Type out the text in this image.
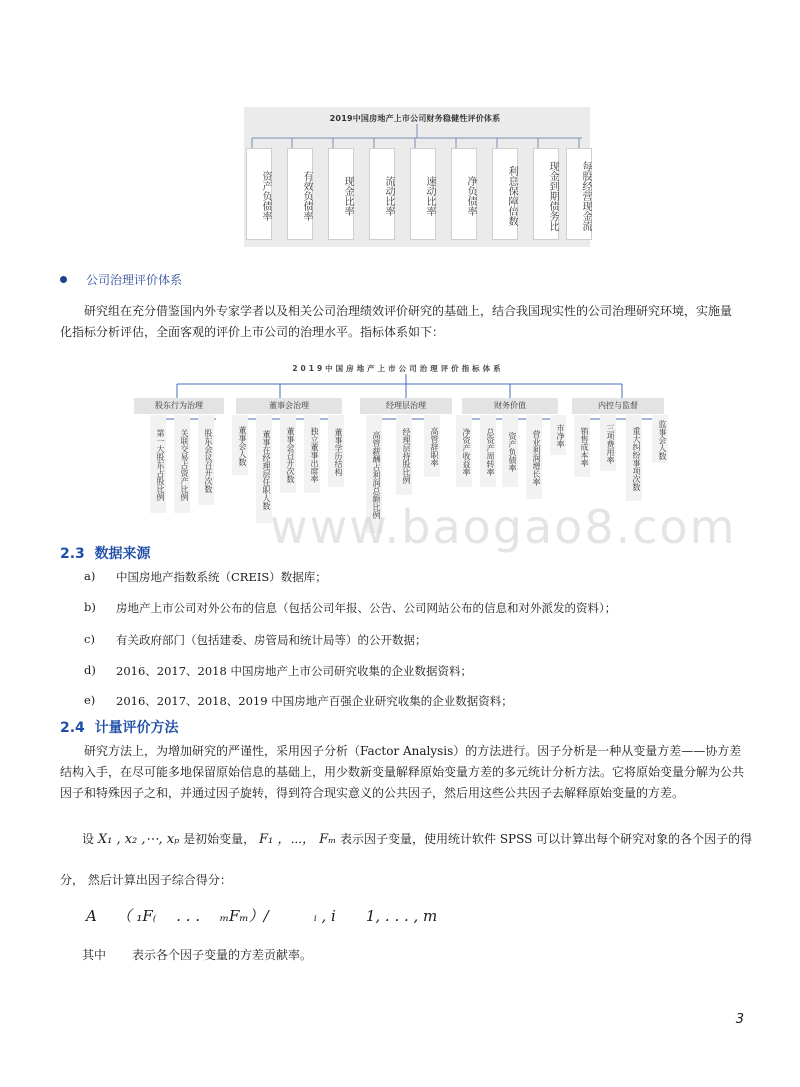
2019中国房地产上市公司财务稳健性评价体系
资产负债率	有效负债率	现金比率	流动比率	速动比率	净负债率	利息保障倍数	现金到期债务比	每股经营现金流
公司治理评价体系
研究组在充分借鉴国内外专家学者以及相关公司治理绩效评价研究的基础上，结合我国现实性的公司治理研究环境，实施量化指标分析评估，全面客观的评价上市公司的治理水平。指标体系如下：
2019中国房地产上市公司治理评价指标体系
股东行为治理	董事会治理	经理层治理	财务价值	内控与监督
第一大股东占股比例	关联交易占资产比例	股东会议召开次数	董事会人数	董事在经理层任职人数	董事会召开次数	独立董事出席率	董事学历结构	高管薪酬占利润总额比例	经理层持股比例	高管辞职率	净资产收益率	总资产周转率	资产负债率	营业利润增长率	市净率	销售成本率	三项费用率	重大纠纷事项次数	监事会人数
www.baogao8.com
2.3 数据来源
a) 中国房地产指数系统（CREIS）数据库；
b) 房地产上市公司对外公布的信息（包括公司年报、公告、公司网站公布的信息和对外派发的资料）；
c) 有关政府部门（包括建委、房管局和统计局等）的公开数据；
d) 2016、2017、2018 中国房地产上市公司研究收集的企业数据资料；
e) 2016、2017、2018、2019 中国房地产百强企业研究收集的企业数据资料；
2.4 计量评价方法
研究方法上，为增加研究的严谨性，采用因子分析（Factor Analysis）的方法进行。因子分析是一种从变量方差——协方差结构入手，在尽可能多地保留原始信息的基础上，用少数新变量解释原始变量方差的多元统计分析方法。它将原始变量分解为公共因子和特殊因子之和，并通过因子旋转，得到符合现实意义的公共因子，然后用这些公共因子去解释原始变量的方差。
设 X₁ , x₂ ,⋯, xₚ 是初始变量， F₁ ，⋯， Fₘ 表示因子变量，使用统计软件 SPSS 可以计算出每个研究对象的各个因子的得
分， 然后计算出因子综合得分：
A　 （ ₁F₍　 . . .　 ₘFₘ）/　　　ᵢ , i　　1, . . . , m
其中 表示各个因子变量的方差贡献率。
3
